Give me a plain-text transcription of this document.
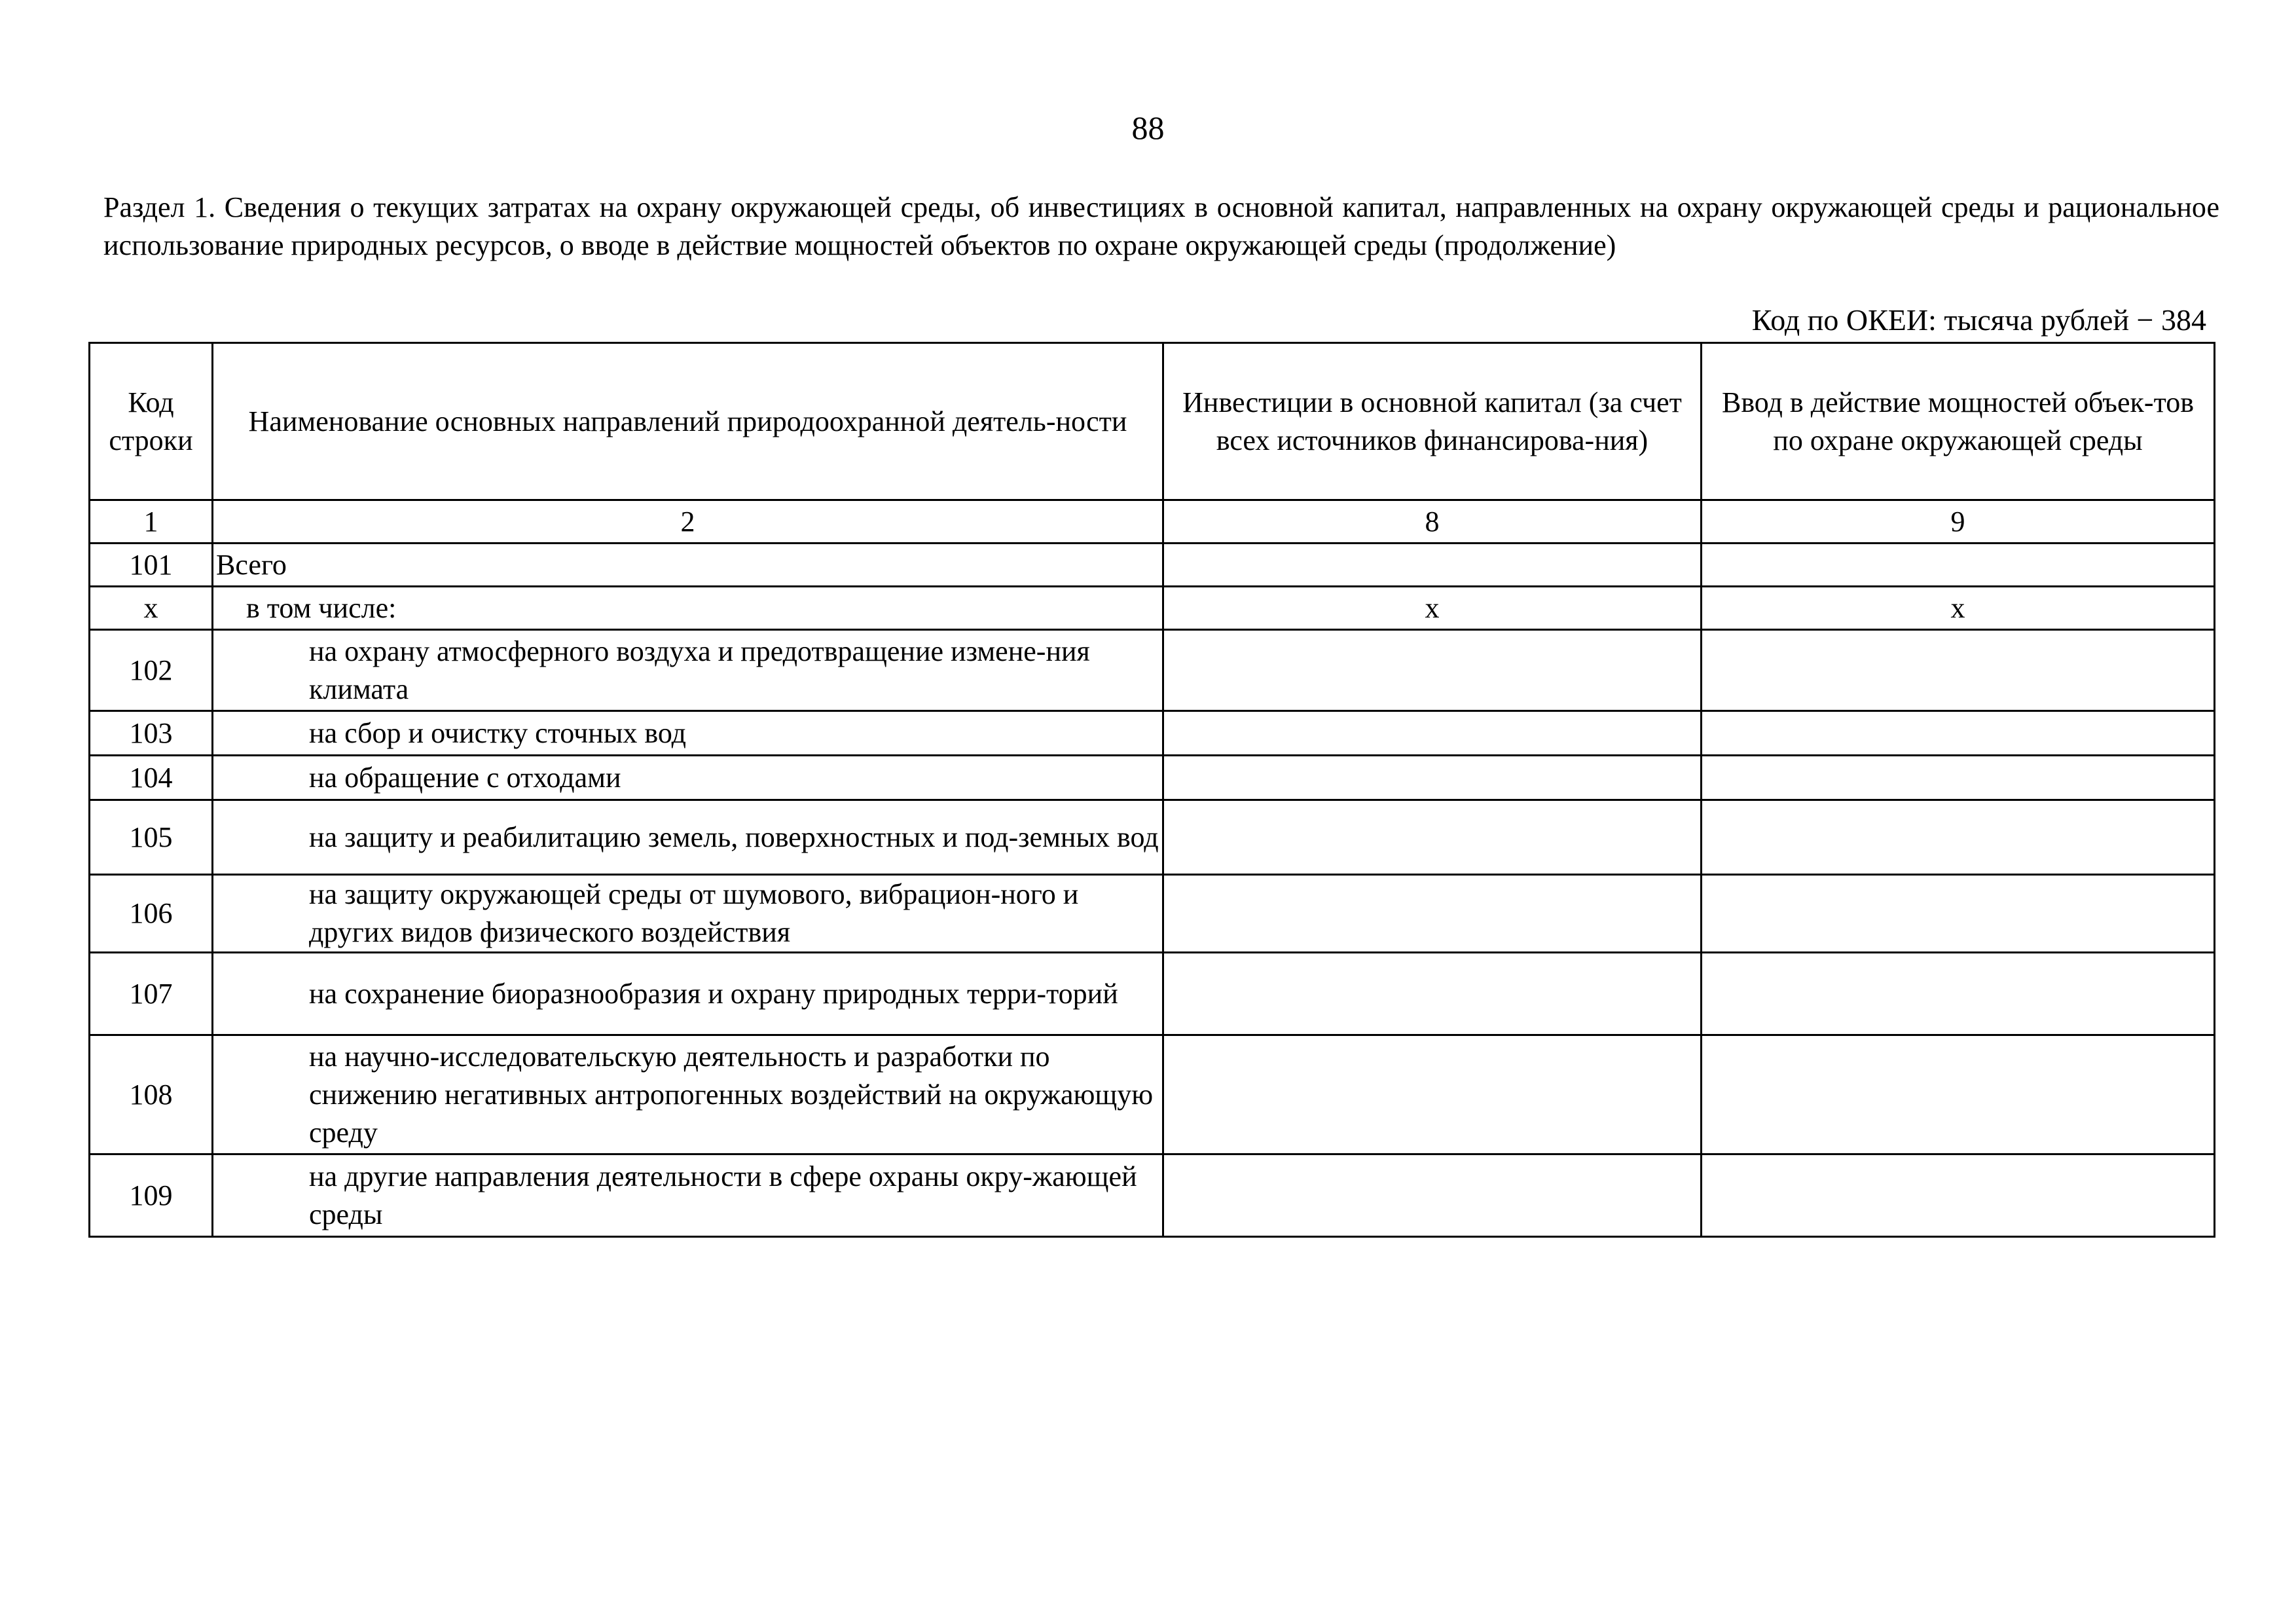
88
Раздел 1. Сведения о текущих затратах на охрану окружающей среды, об инвестициях в основной капитал, направленных на охрану окружающей среды и рациональное использование природных ресурсов, о вводе в действие мощностей объектов по охране окружающей среды (продолжение)
Код по ОКЕИ: тысяча рублей − 384
Код строки	Наименование основных направлений природоохранной деятель-ности	Инвестиции в основной капитал (за счет всех источников финансирова-ния)	Ввод в действие мощностей объек-тов по охране окружающей среды
1	2	8	9
101	Всего		
х	в том числе:	х	х
102	на охрану атмосферного воздуха и предотвращение измене-ния климата		
103	на сбор и очистку сточных вод		
104	на обращение с отходами		
105	на защиту и реабилитацию земель, поверхностных и под-земных вод		
106	на защиту окружающей среды от шумового, вибрацион-ного и других видов физического воздействия		
107	на сохранение биоразнообразия и охрану природных терри-торий		
108	на научно-исследовательскую деятельность и разработки по снижению негативных антропогенных воздействий на окружающую среду		
109	на другие направления деятельности в сфере охраны окру-жающей среды		
